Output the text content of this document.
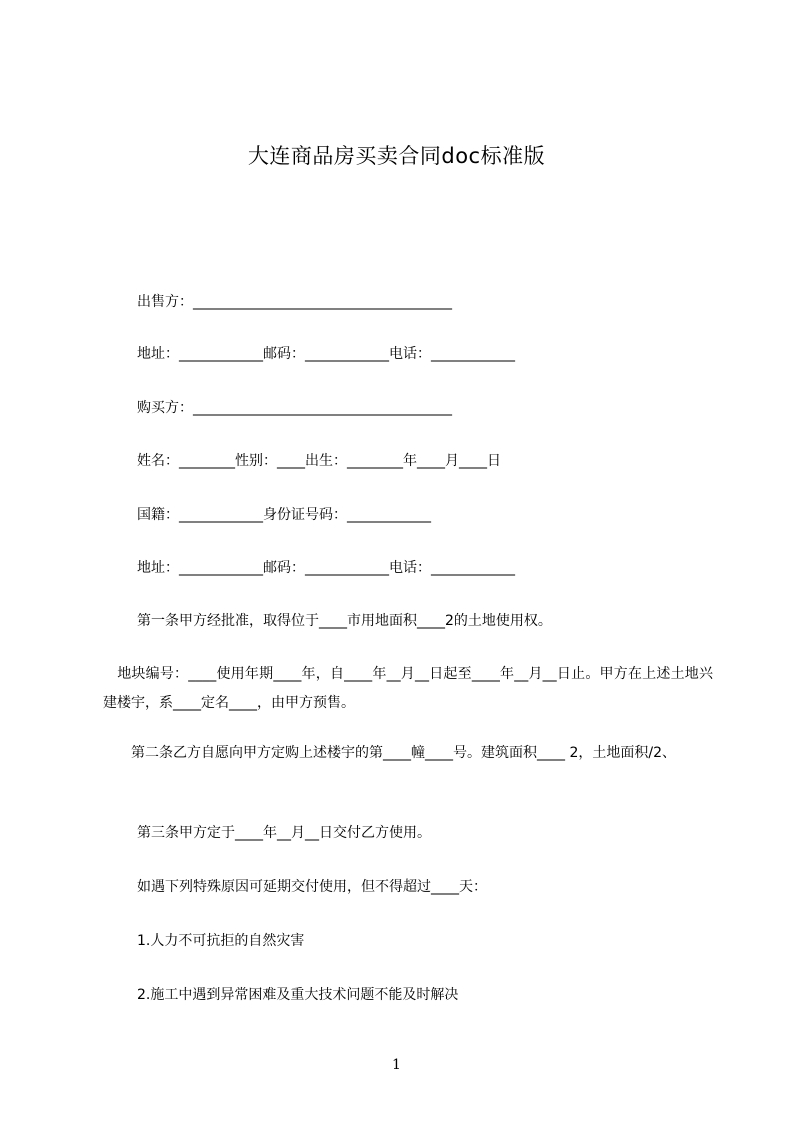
大连商品房买卖合同doc标准版
出售方：_____________________________________
地址：____________邮码：____________电话：____________
购买方：_____________________________________
姓名：________性别：____出生：________年____月____日
国籍：____________身份证号码：____________
地址：____________邮码：____________电话：____________
第一条甲方经批准，取得位于____市用地面积____2的土地使用权。
　地块编号：____使用年期____年，自____年__月__日起至____年__月__日止。甲方在上述土地兴建楼宇，系____定名____，由甲方预售。
　　第二条乙方自愿向甲方定购上述楼宇的第____幢____号。建筑面积____ 2，土地面积/2、
第三条甲方定于____年__月__日交付乙方使用。
如遇下列特殊原因可延期交付使用，但不得超过____天：
1.人力不可抗拒的自然灾害
2.施工中遇到异常困难及重大技术问题不能及时解决
1
